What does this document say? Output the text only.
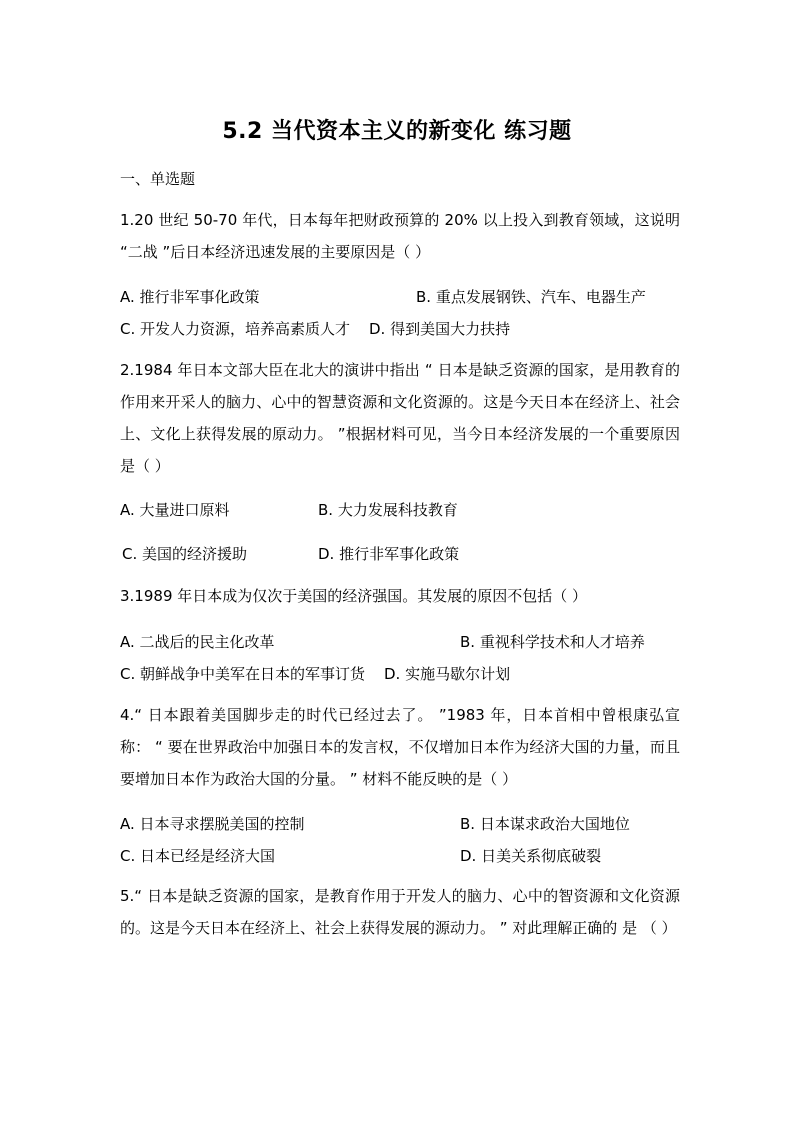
5.2 当代资本主义的新变化 练习题
一、单选题
1.20 世纪 50-70 年代，日本每年把财政预算的 20% 以上投入到教育领域，这说明 “二战 ”后日本经济迅速发展的主要原因是（ ）
A. 推行非军事化政策	B. 重点发展钢铁、汽车、电器生产
C. 开发人力资源，培养高素质人才 D. 得到美国大力扶持
2.1984 年日本文部大臣在北大的演讲中指出 “ 日本是缺乏资源的国家，是用教育的作用来开采人的脑力、心中的智慧资源和文化资源的。这是今天日本在经济上、社会上、文化上获得发展的原动力。 ”根据材料可见，当今日本经济发展的一个重要原因是（ ）
A. 大量进口原料	B. 大力发展科技教育
C. 美国的经济援助	D. 推行非军事化政策
3.1989 年日本成为仅次于美国的经济强国。其发展的原因不包括（ ）
A. 二战后的民主化改革	B. 重视科学技术和人才培养
C. 朝鲜战争中美军在日本的军事订货 D. 实施马歇尔计划
4.“ 日本跟着美国脚步走的时代已经过去了。 ”1983 年，日本首相中曾根康弘宣称： “ 要在世界政治中加强日本的发言权，不仅增加日本作为经济大国的力量，而且要增加日本作为政治大国的分量。 ” 材料不能反映的是（ ）
A. 日本寻求摆脱美国的控制	B. 日本谋求政治大国地位
C. 日本已经是经济大国	D. 日美关系彻底破裂
5.“ 日本是缺乏资源的国家，是教育作用于开发人的脑力、心中的智资源和文化资源的。这是今天日本在经济上、社会上获得发展的源动力。 ” 对此理解正确的 是 （ ）
